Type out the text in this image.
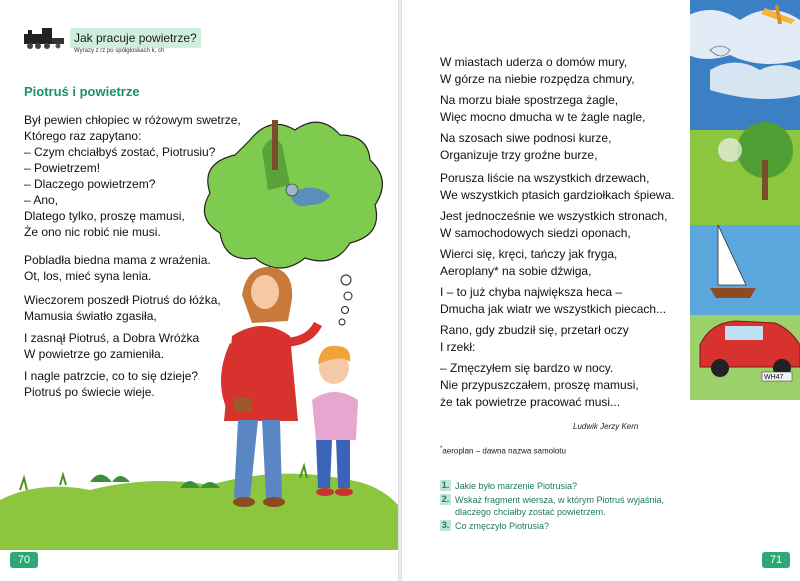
Jak pracuje powietrze?
Wyrazy z rz po spółgłoskach k, ch
Piotruś i powietrze
Był pewien chłopiec w różowym swetrze,
Którego raz zapytano:
– Czym chciałbyś zostać, Piotrusiu?
– Powietrzem!
– Dlaczego powietrzem?
– Ano,
Dlatego tylko, proszę mamusi,
Że ono nic robić nie musi.
Pobladła biedna mama z wrażenia.
Ot, los, mieć syna lenia.
Wieczorem poszedł Piotruś do łóżka,
Mamusia światło zgasiła,
I zasnął Piotruś, a Dobra Wróżka
W powietrze go zamieniła.
I nagle patrzcie, co to się dzieje?
Piotruś po świecie wieje.
70
W miastach uderza o domów mury,
W górze na niebie rozpędza chmury,
Na morzu białe spostrzega żagle,
Więc mocno dmucha w te żagle nagle,
Na szosach siwe podnosi kurze,
Organizuje trzy groźne burze,
Porusza liście na wszystkich drzewach,
We wszystkich ptasich gardziołkach śpiewa.
Jest jednocześnie we wszystkich stronach,
W samochodowych siedzi oponach,
Wierci się, kręci, tańczy jak fryga,
Aeroplany* na sobie dźwiga,
I – to już chyba największa heca –
Dmucha jak wiatr we wszystkich piecach...
Rano, gdy zbudził się, przetarł oczy
I rzekł:
– Zmęczyłem się bardzo w nocy.
Nie przypuszczałem, proszę mamusi,
że tak powietrze pracować musi...
Ludwik Jerzy Kern
*aeroplan – dawna nazwa samolotu
1. Jakie było marzenie Piotrusia?
2. Wskaż fragment wiersza, w którym Piotruś wyjaśnia,
dlaczego chciałby zostać powietrzem.
3. Co zmęczyło Piotrusia?
WH47
71
